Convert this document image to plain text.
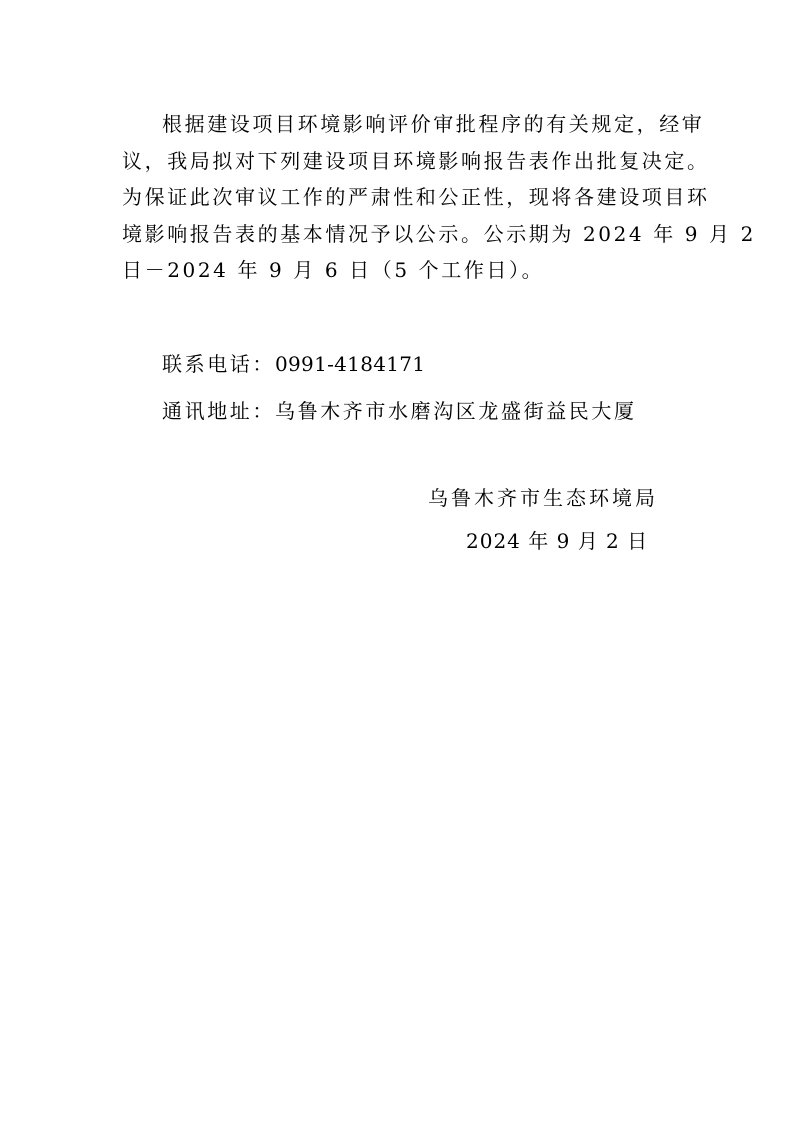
根据建设项目环境影响评价审批程序的有关规定，经审
议，我局拟对下列建设项目环境影响报告表作出批复决定。
为保证此次审议工作的严肃性和公正性，现将各建设项目环
境影响报告表的基本情况予以公示。公示期为 2024 年 9 月 2
日－2024 年 9 月 6 日（5 个工作日）。
联系电话：0991-4184171
通讯地址：乌鲁木齐市水磨沟区龙盛街益民大厦
乌鲁木齐市生态环境局
2024 年 9 月 2 日
